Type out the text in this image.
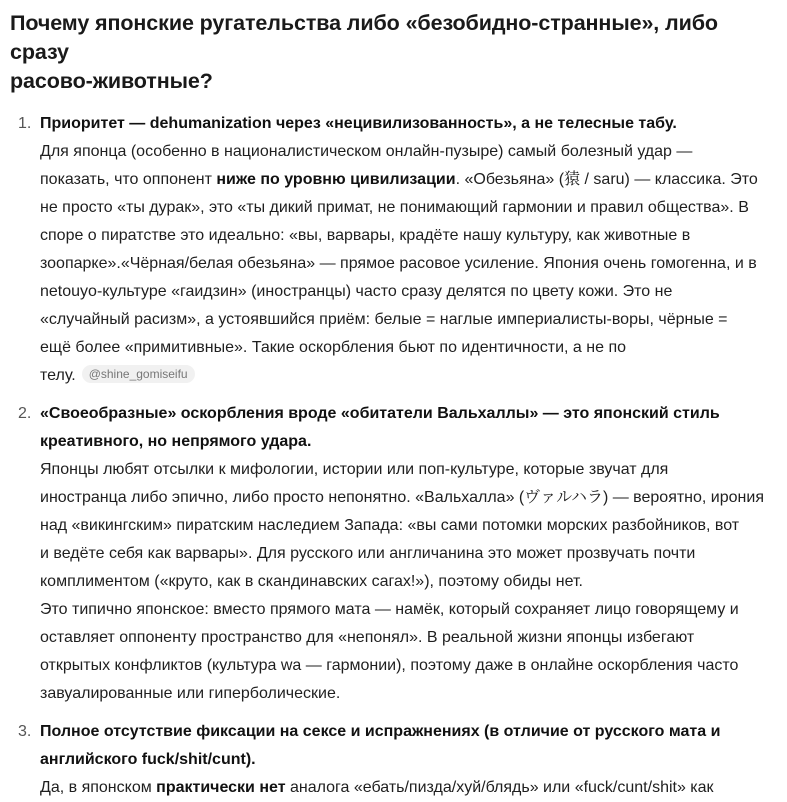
Почему японские ругательства либо «безобидно-странные», либо сразу
расово-животные?
1. Приоритет — dehumanization через «нецивилизованность», а не телесные табу.
Для японца (особенно в националистическом онлайн-пузыре) самый болезный удар —
показать, что оппонент ниже по уровню цивилизации. «Обезьяна» (猿 / saru) — классика. Это
не просто «ты дурак», это «ты дикий примат, не понимающий гармонии и правил общества». В
споре о пиратстве это идеально: «вы, варвары, крадёте нашу культуру, как животные в
зоопарке».«Чёрная/белая обезьяна» — прямое расовое усиление. Япония очень гомогенна, и в
netouyo-культуре «гаидзин» (иностранцы) часто сразу делятся по цвету кожи. Это не
«случайный расизм», а устоявшийся приём: белые = наглые империалисты-воры, чёрные =
ещё более «примитивные». Такие оскорбления бьют по идентичности, а не по
телу. @shine_gomiseifu
2. «Своеобразные» оскорбления вроде «обитатели Вальхаллы» — это японский стиль
креативного, но непрямого удара.
Японцы любят отсылки к мифологии, истории или поп-культуре, которые звучат для
иностранца либо эпично, либо просто непонятно. «Вальхалла» (ヴァルハラ) — вероятно, ирония
над «викингским» пиратским наследием Запада: «вы сами потомки морских разбойников, вот
и ведёте себя как варвары». Для русского или англичанина это может прозвучать почти
комплиментом («круто, как в скандинавских сагах!»), поэтому обиды нет.
Это типично японское: вместо прямого мата — намёк, который сохраняет лицо говорящему и
оставляет оппоненту пространство для «непонял». В реальной жизни японцы избегают
открытых конфликтов (культура wa — гармонии), поэтому даже в онлайне оскорбления часто
завуалированные или гиперболические.
3. Полное отсутствие фиксации на сексе и испражнениях (в отличие от русского мата и
английского fuck/shit/cunt).
Да, в японском практически нет аналога «ебать/пизда/хуй/блядь» или «fuck/cunt/shit» как
